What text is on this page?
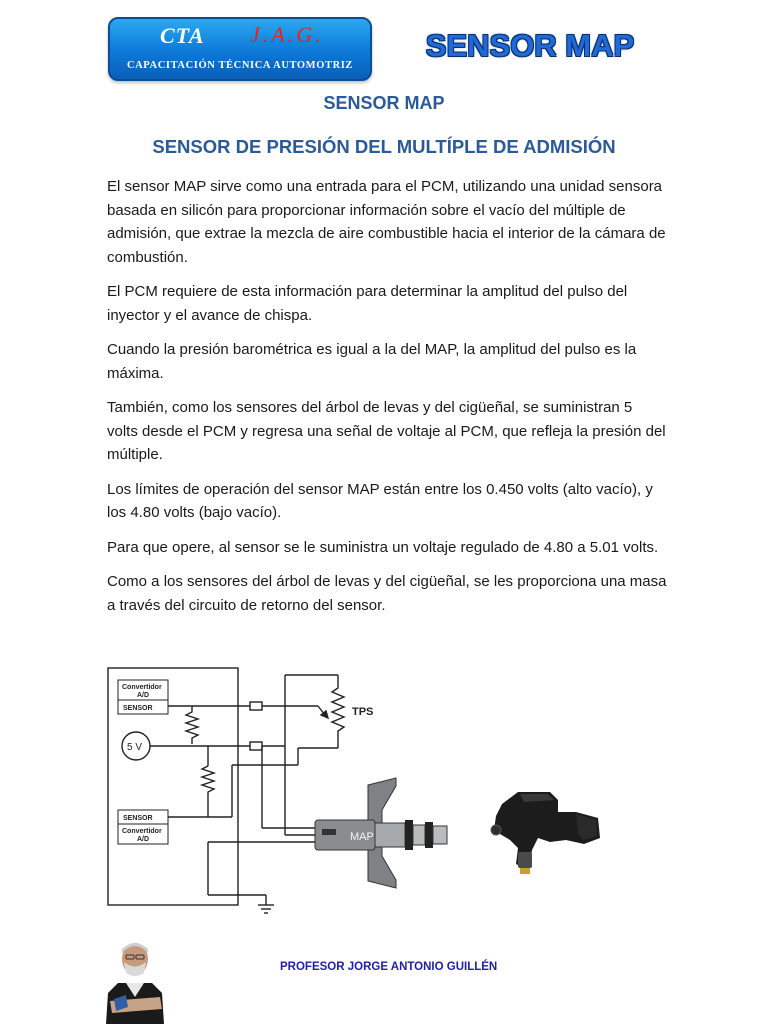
CTA J.A.G.
CAPACITACIÓN TÉCNICA AUTOMOTRIZ
SENSOR MAP
SENSOR MAP
SENSOR DE PRESIÓN DEL MULTÍPLE DE ADMISIÓN

El sensor MAP sirve como una entrada para el PCM, utilizando una unidad sensora basada en silicón para proporcionar información sobre el vacío del múltiple de admisión, que extrae la mezcla de aire combustible hacia el interior de la cámara de combustión.

El PCM requiere de esta información para determinar la amplitud del pulso del inyector y el avance de chispa.

Cuando la presión barométrica es igual a la del MAP, la amplitud del pulso es la máxima.

También, como los sensores del árbol de levas y del cigüeñal, se suministran 5 volts desde el PCM y regresa una señal de voltaje al PCM, que refleja la presión del múltiple.

Los límites de operación del sensor MAP están entre los 0.450 volts (alto vacío), y los 4.80 volts (bajo vacío).

Para que opere, al sensor se le suministra un voltaje regulado de 4.80 a 5.01 volts.

Como a los sensores del árbol de levas y del cigüeñal, se les proporciona una masa a través del circuito de retorno del sensor.

Convertidor
A/D
SENSOR
5 V
TPS
SENSOR
Convertidor
A/D	MAP
PROFESOR JORGE ANTONIO GUILLÉN
